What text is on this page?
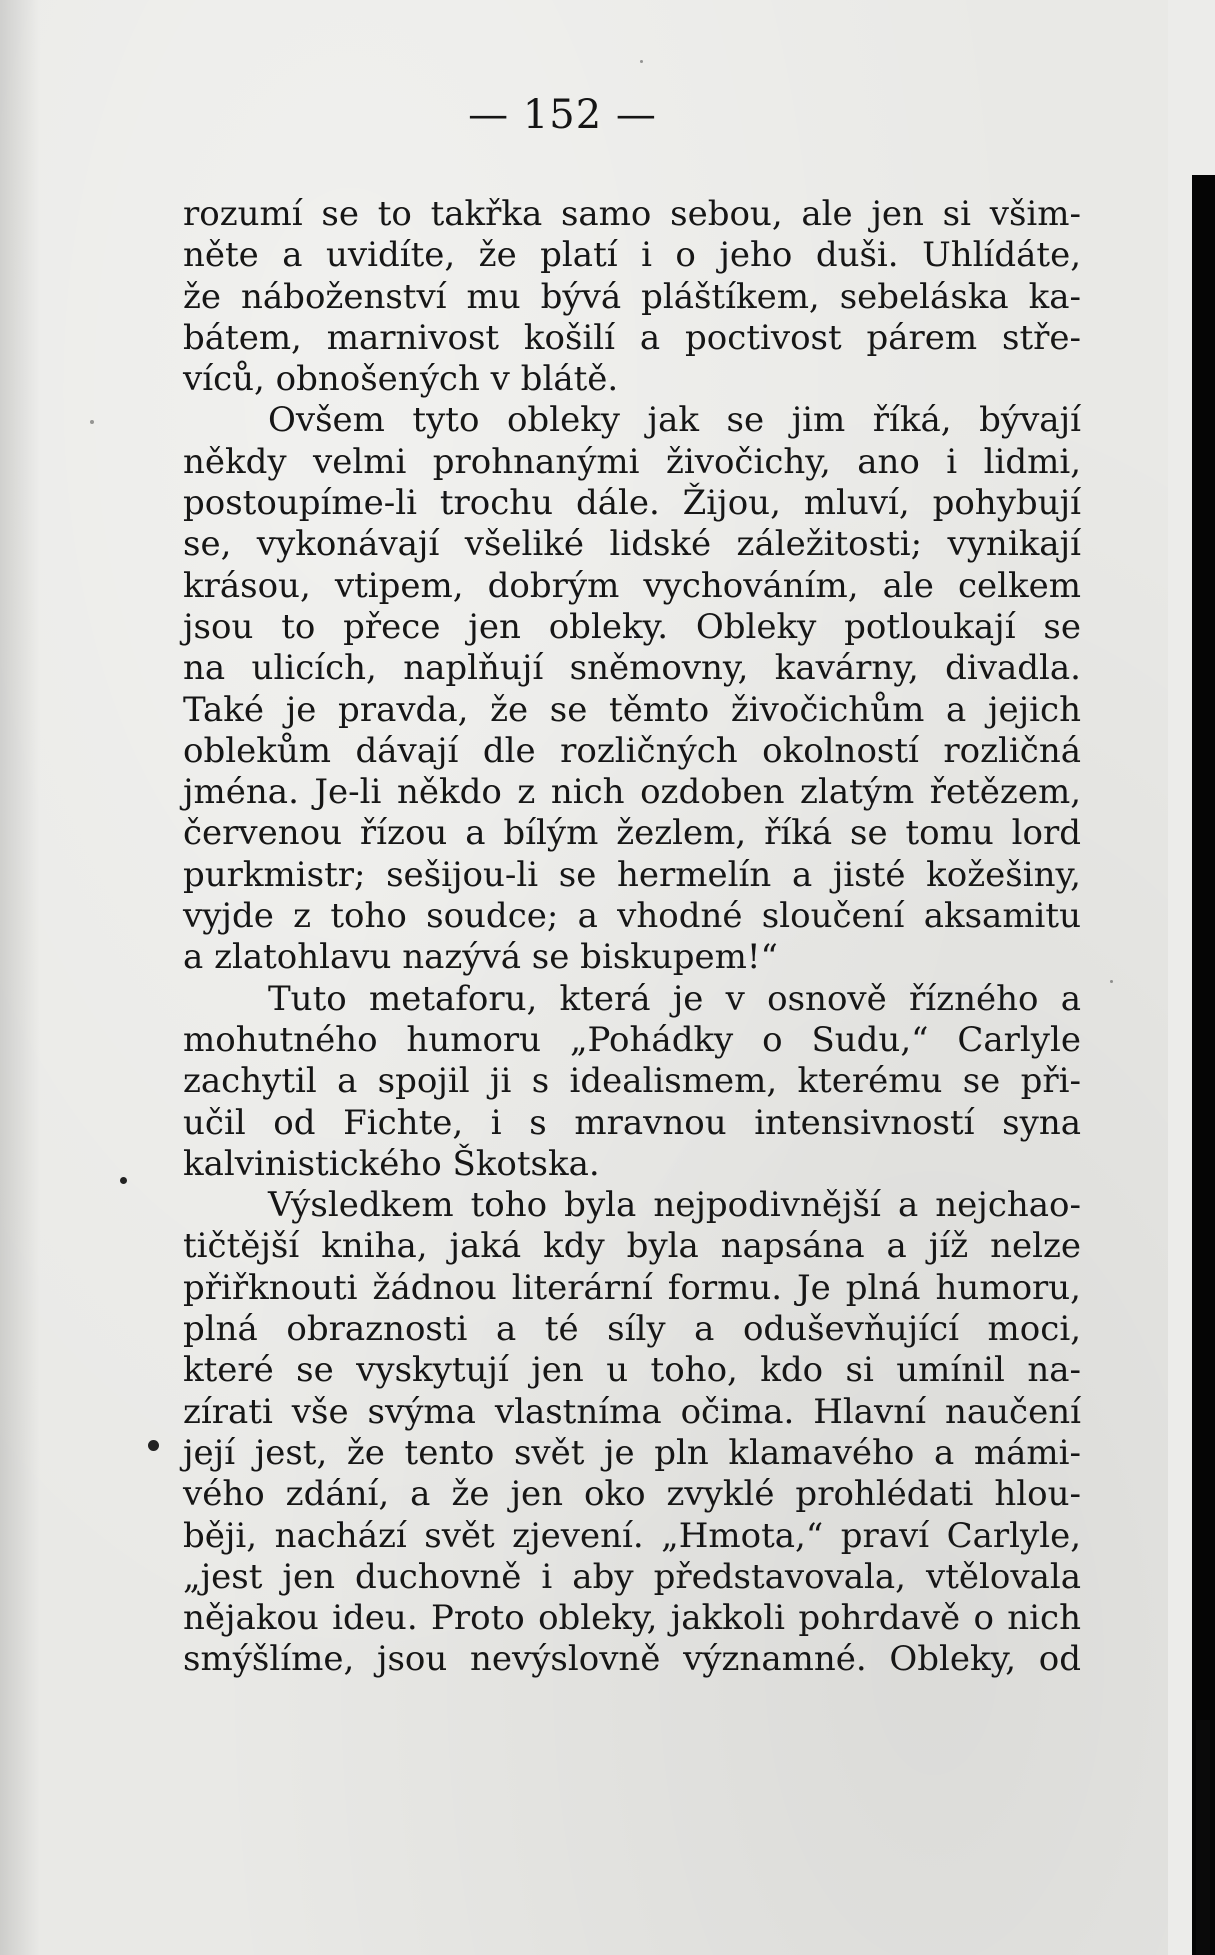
— 152 —
rozumí se to takřka samo sebou, ale jen si všim-
něte a uvidíte, že platí i o jeho duši. Uhlídáte,
že náboženství mu bývá pláštíkem, sebeláska ka-
bátem, marnivost košilí a poctivost párem stře-
víců, obnošených v blátě.
Ovšem tyto obleky jak se jim říká, bývají
někdy velmi prohnanými živočichy, ano i lidmi,
postoupíme-li trochu dále. Žijou, mluví, pohybují
se, vykonávají všeliké lidské záležitosti; vynikají
krásou, vtipem, dobrým vychováním, ale celkem
jsou to přece jen obleky. Obleky potloukají se
na ulicích, naplňují sněmovny, kavárny, divadla.
Také je pravda, že se těmto živočichům a jejich
oblekům dávají dle rozličných okolností rozličná
jména. Je-li někdo z nich ozdoben zlatým řetězem,
červenou řízou a bílým žezlem, říká se tomu lord
purkmistr; sešijou-li se hermelín a jisté kožešiny,
vyjde z toho soudce; a vhodné sloučení aksamitu
a zlatohlavu nazývá se biskupem!“
Tuto metaforu, která je v osnově řízného a
mohutného humoru „Pohádky o Sudu,“ Carlyle
zachytil a spojil ji s idealismem, kterému se při-
učil od Fichte, i s mravnou intensivností syna
kalvinistického Škotska.
Výsledkem toho byla nejpodivnější a nejchao-
tičtější kniha, jaká kdy byla napsána a jíž nelze
přiřknouti žádnou literární formu. Je plná humoru,
plná obraznosti a té síly a oduševňující moci,
které se vyskytují jen u toho, kdo si umínil na-
zírati vše svýma vlastníma očima. Hlavní naučení
její jest, že tento svět je pln klamavého a mámi-
vého zdání, a že jen oko zvyklé prohlédati hlou-
běji, nachází svět zjevení. „Hmota,“ praví Carlyle,
„jest jen duchovně i aby představovala, vtělovala
nějakou ideu. Proto obleky, jakkoli pohrdavě o nich
smýšlíme, jsou nevýslovně významné. Obleky, od
